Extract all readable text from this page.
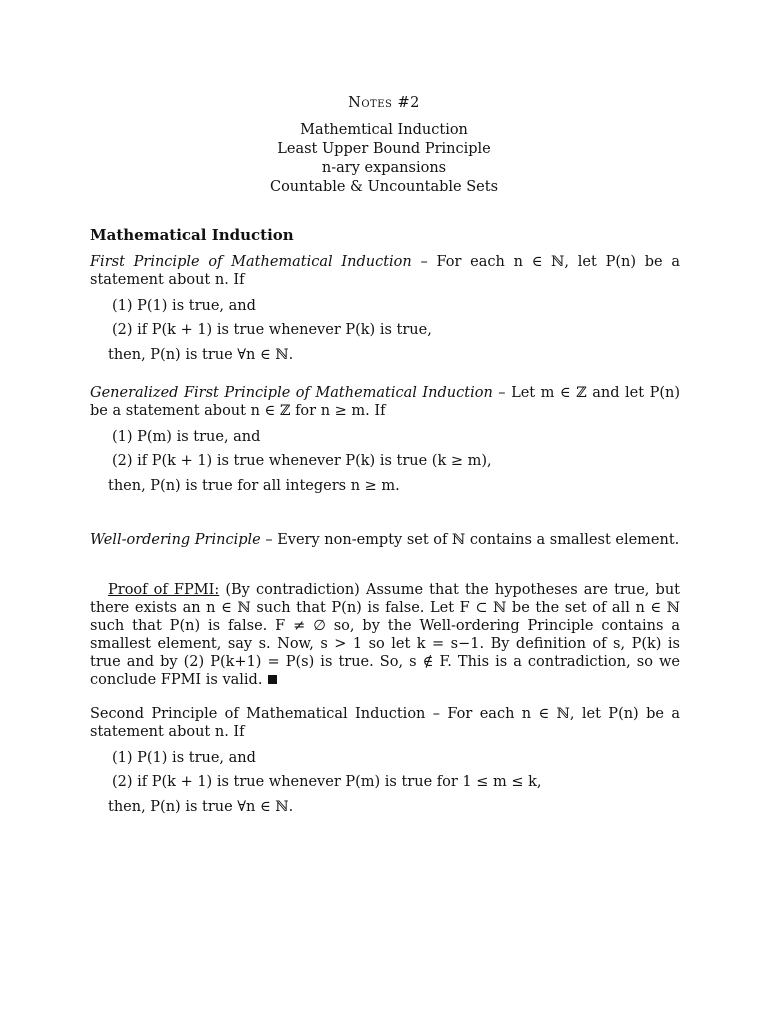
Notes #2
Mathemtical Induction
Least Upper Bound Principle
n-ary expansions
Countable & Uncountable Sets
Mathematical Induction
First Principle of Mathematical Induction – For each n ∈ ℕ, let P(n) be a statement about n. If
(1) P(1) is true, and
(2) if P(k + 1) is true whenever P(k) is true,
then, P(n) is true ∀n ∈ ℕ.
Generalized First Principle of Mathematical Induction – Let m ∈ ℤ and let P(n) be a statement about n ∈ ℤ for n ≥ m. If
(1) P(m) is true, and
(2) if P(k + 1) is true whenever P(k) is true (k ≥ m),
then, P(n) is true for all integers n ≥ m.
Well-ordering Principle – Every non-empty set of ℕ contains a smallest element.
Proof of FPMI: (By contradiction) Assume that the hypotheses are true, but there exists an n ∈ ℕ such that P(n) is false. Let F ⊂ ℕ be the set of all n ∈ ℕ such that P(n) is false. F ≠ ∅ so, by the Well-ordering Principle contains a smallest element, say s. Now, s > 1 so let k = s−1. By definition of s, P(k) is true and by (2) P(k+1) = P(s) is true. So, s ∉ F. This is a contradiction, so we conclude FPMI is valid.
Second Principle of Mathematical Induction – For each n ∈ ℕ, let P(n) be a statement about n. If
(1) P(1) is true, and
(2) if P(k + 1) is true whenever P(m) is true for 1 ≤ m ≤ k,
then, P(n) is true ∀n ∈ ℕ.
